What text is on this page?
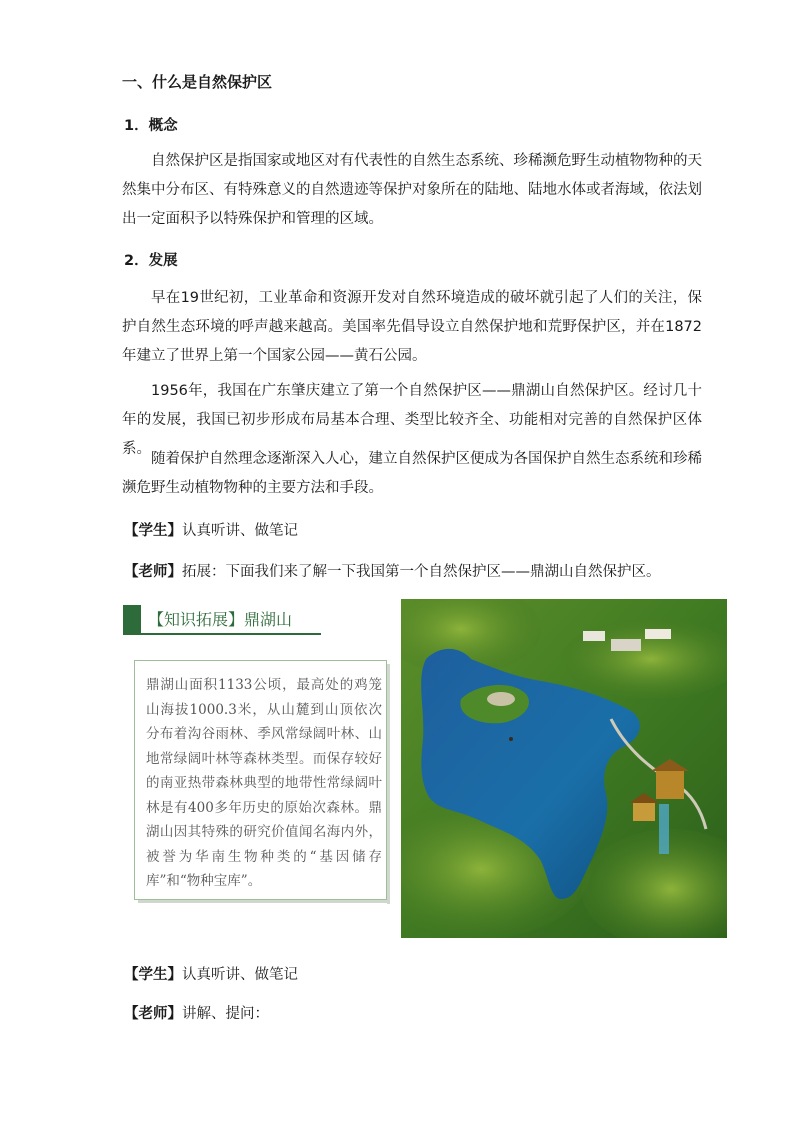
一、什么是自然保护区
1．概念

自然保护区是指国家或地区对有代表性的自然生态系统、珍稀濒危野生动植物物种的天然集中分布区、有特殊意义的自然遗迹等保护对象所在的陆地、陆地水体或者海域，依法划出一定面积予以特殊保护和管理的区域。

2．发展

早在19世纪初，工业革命和资源开发对自然环境造成的破坏就引起了人们的关注，保护自然生态环境的呼声越来越高。美国率先倡导设立自然保护地和荒野保护区，并在1872年建立了世界上第一个国家公园——黄石公园。

1956年，我国在广东肇庆建立了第一个自然保护区——鼎湖山自然保护区。经讨几十年的发展，我国已初步形成布局基本合理、类型比较齐全、功能相对完善的自然保护区体系。

随着保护自然理念逐渐深入人心，建立自然保护区便成为各国保护自然生态系统和珍稀濒危野生动植物物种的主要方法和手段。

【学生】认真听讲、做笔记
【老师】拓展：下面我们来了解一下我国第一个自然保护区——鼎湖山自然保护区。
【知识拓展】鼎湖山

鼎湖山面积1133公顷，最高处的鸡笼山海拔1000.3米，从山麓到山顶依次分布着沟谷雨林、季风常绿阔叶林、山地常绿阔叶林等森林类型。而保存较好的南亚热带森林典型的地带性常绿阔叶林是有400多年历史的原始次森林。鼎湖山因其特殊的研究价值闻名海内外，被誉为华南生物种类的“基因储存库”和“物种宝库”。

【学生】认真听讲、做笔记
【老师】讲解、提问：
